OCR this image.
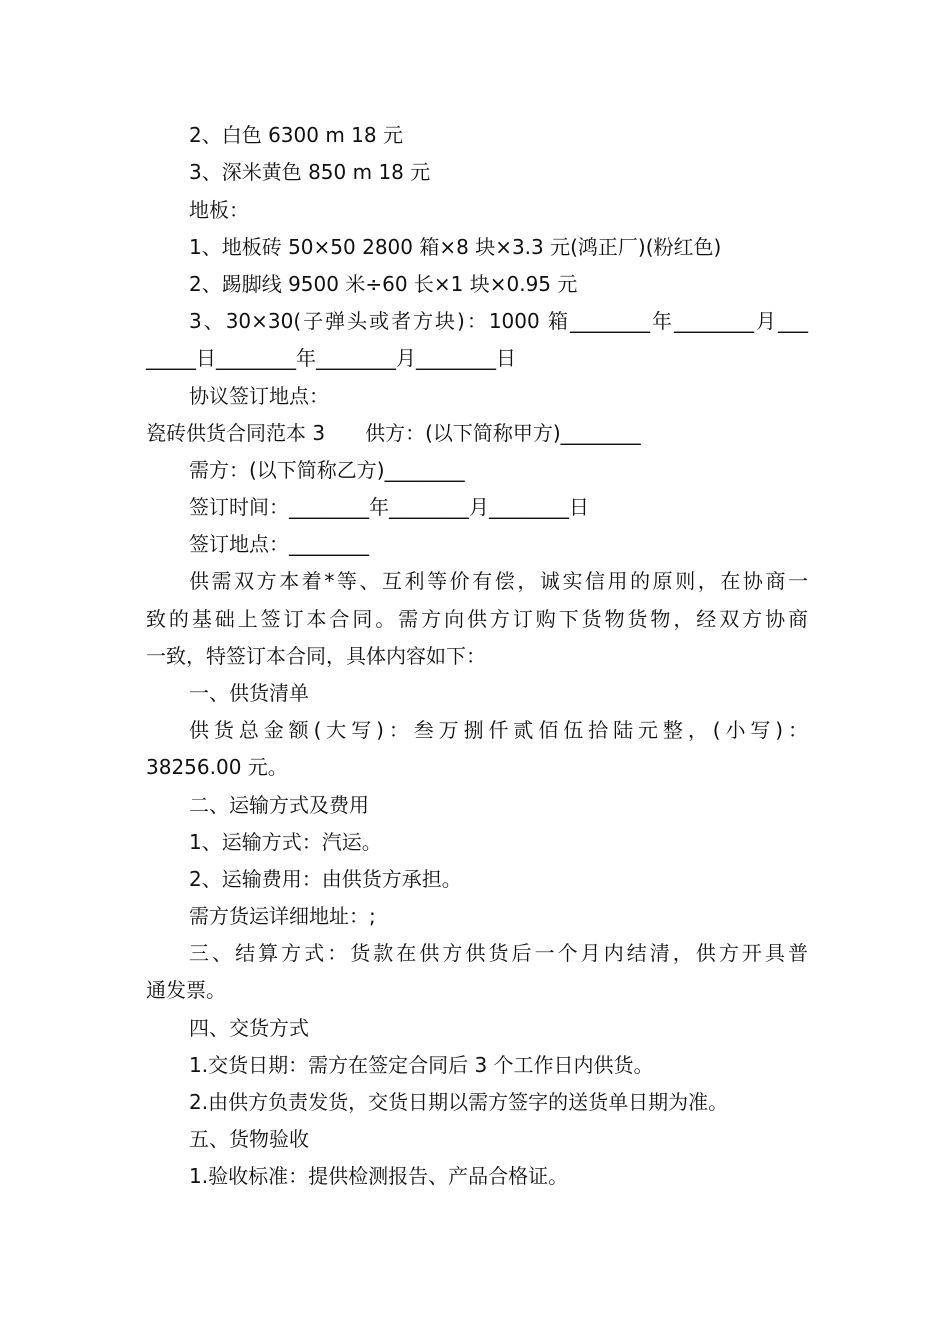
2、白色 6300 m 18 元
3、深米黄色 850 m 18 元
地板：
1、地板砖 50×50 2800 箱×8 块×3.3 元(鸿正厂)(粉红色)
2、踢脚线 9500 米÷60 长×1 块×0.95 元
3、30×30(子弹头或者方块)：1000 箱________年________月___
_____日________年________月________日
协议签订地点：
瓷砖供货合同范本 3　　供方：(以下简称甲方)________
需方：(以下简称乙方)________
签订时间：________年________月________日
签订地点：________
供需双方本着*等、互利等价有偿，诚实信用的原则，在协商一
致的基础上签订本合同。需方向供方订购下货物货物，经双方协商
一致，特签订本合同，具体内容如下：
一、供货清单
供货总金额(大写)：叁万捌仟贰佰伍拾陆元整，(小写)：
38256.00 元。
二、运输方式及费用
1、运输方式：汽运。
2、运输费用：由供货方承担。
需方货运详细地址：;
三、结算方式：货款在供方供货后一个月内结清，供方开具普
通发票。
四、交货方式
1.交货日期：需方在签定合同后 3 个工作日内供货。
2.由供方负责发货，交货日期以需方签字的送货单日期为准。
五、货物验收
1.验收标准：提供检测报告、产品合格证。
